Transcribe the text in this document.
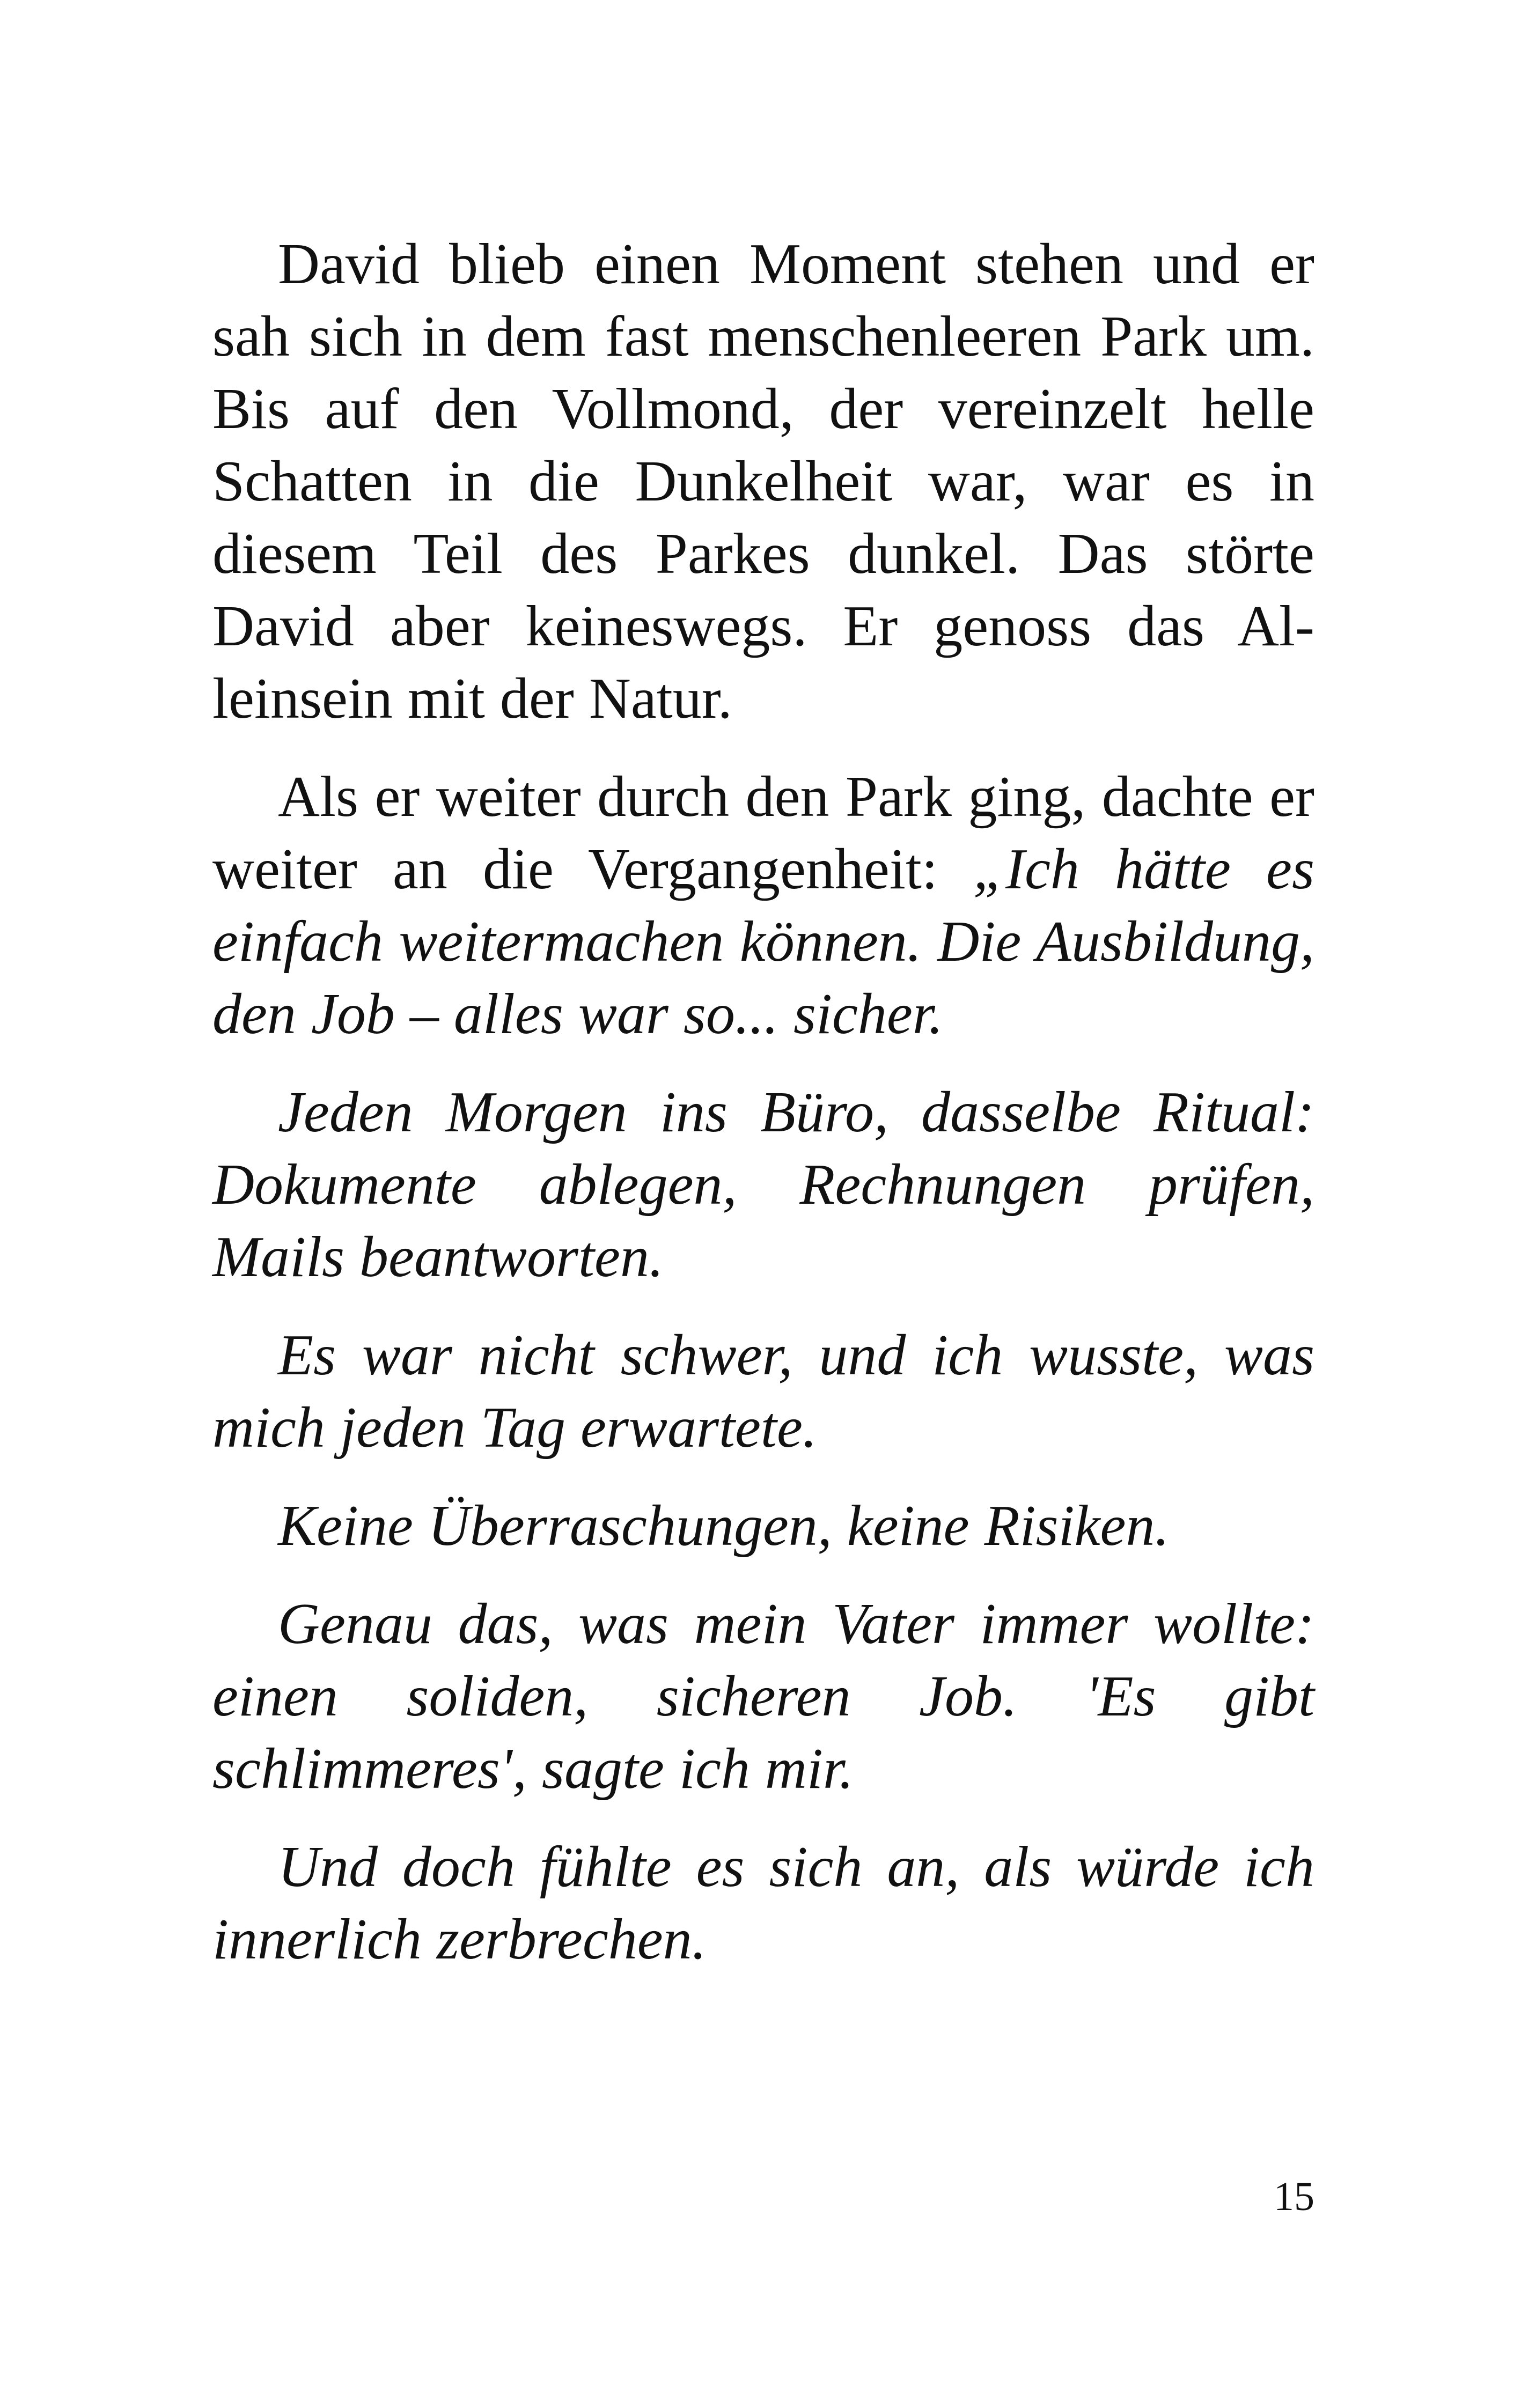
David blieb einen Moment stehen und er sah sich in dem fast menschenleeren Park um. Bis auf den Vollmond, der vereinzelt helle Schatten in die Dunkelheit war, war es in diesem Teil des Parkes dunkel. Das störte David aber keineswegs. Er genoss das Alleinsein mit der Natur.

Als er weiter durch den Park ging, dachte er weiter an die Vergangenheit: „Ich hätte es einfach weitermachen können. Die Ausbildung, den Job – alles war so... sicher.

Jeden Morgen ins Büro, dasselbe Ritual: Dokumente ablegen, Rechnungen prüfen, Mails beantworten.

Es war nicht schwer, und ich wusste, was mich jeden Tag erwartete.

Keine Überraschungen, keine Risiken.

Genau das, was mein Vater immer wollte: einen soliden, sicheren Job. 'Es gibt schlimmeres', sagte ich mir.

Und doch fühlte es sich an, als würde ich innerlich zerbrechen.

15
